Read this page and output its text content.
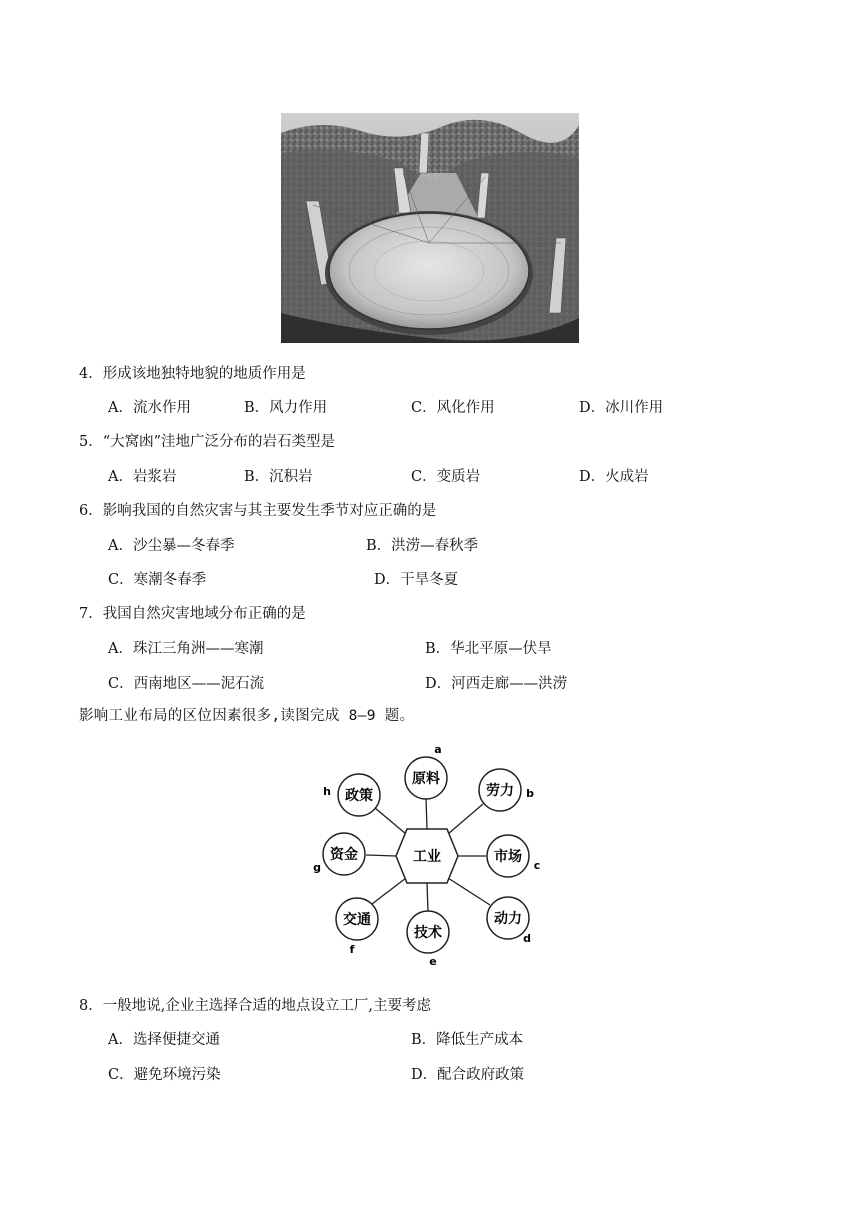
4．形成该地独特地貌的地质作用是
A．流水作用	B．风力作用	C．风化作用	D．冰川作用
5．“大窝凼”洼地广泛分布的岩石类型是
A．岩浆岩	B．沉积岩	C．变质岩	D．火成岩
6．影响我国的自然灾害与其主要发生季节对应正确的是
A．沙尘暴—冬春季	B．洪涝—春秋季
C．寒潮冬春季	D．干旱冬夏
7．我国自然灾害地域分布正确的是
A．珠江三角洲——寒潮	B．华北平原—伏旱
C．西南地区——泥石流	D．河西走廊——洪涝
影响工业布局的区位因素很多,读图完成 8—9 题。
工业
原料
劳力
市场
动力
技术
交通
资金
政策
a
b
c
d
e
f
g
h
8．一般地说,企业主选择合适的地点设立工厂,主要考虑
A．选择便捷交通	B．降低生产成本
C．避免环境污染	D．配合政府政策
